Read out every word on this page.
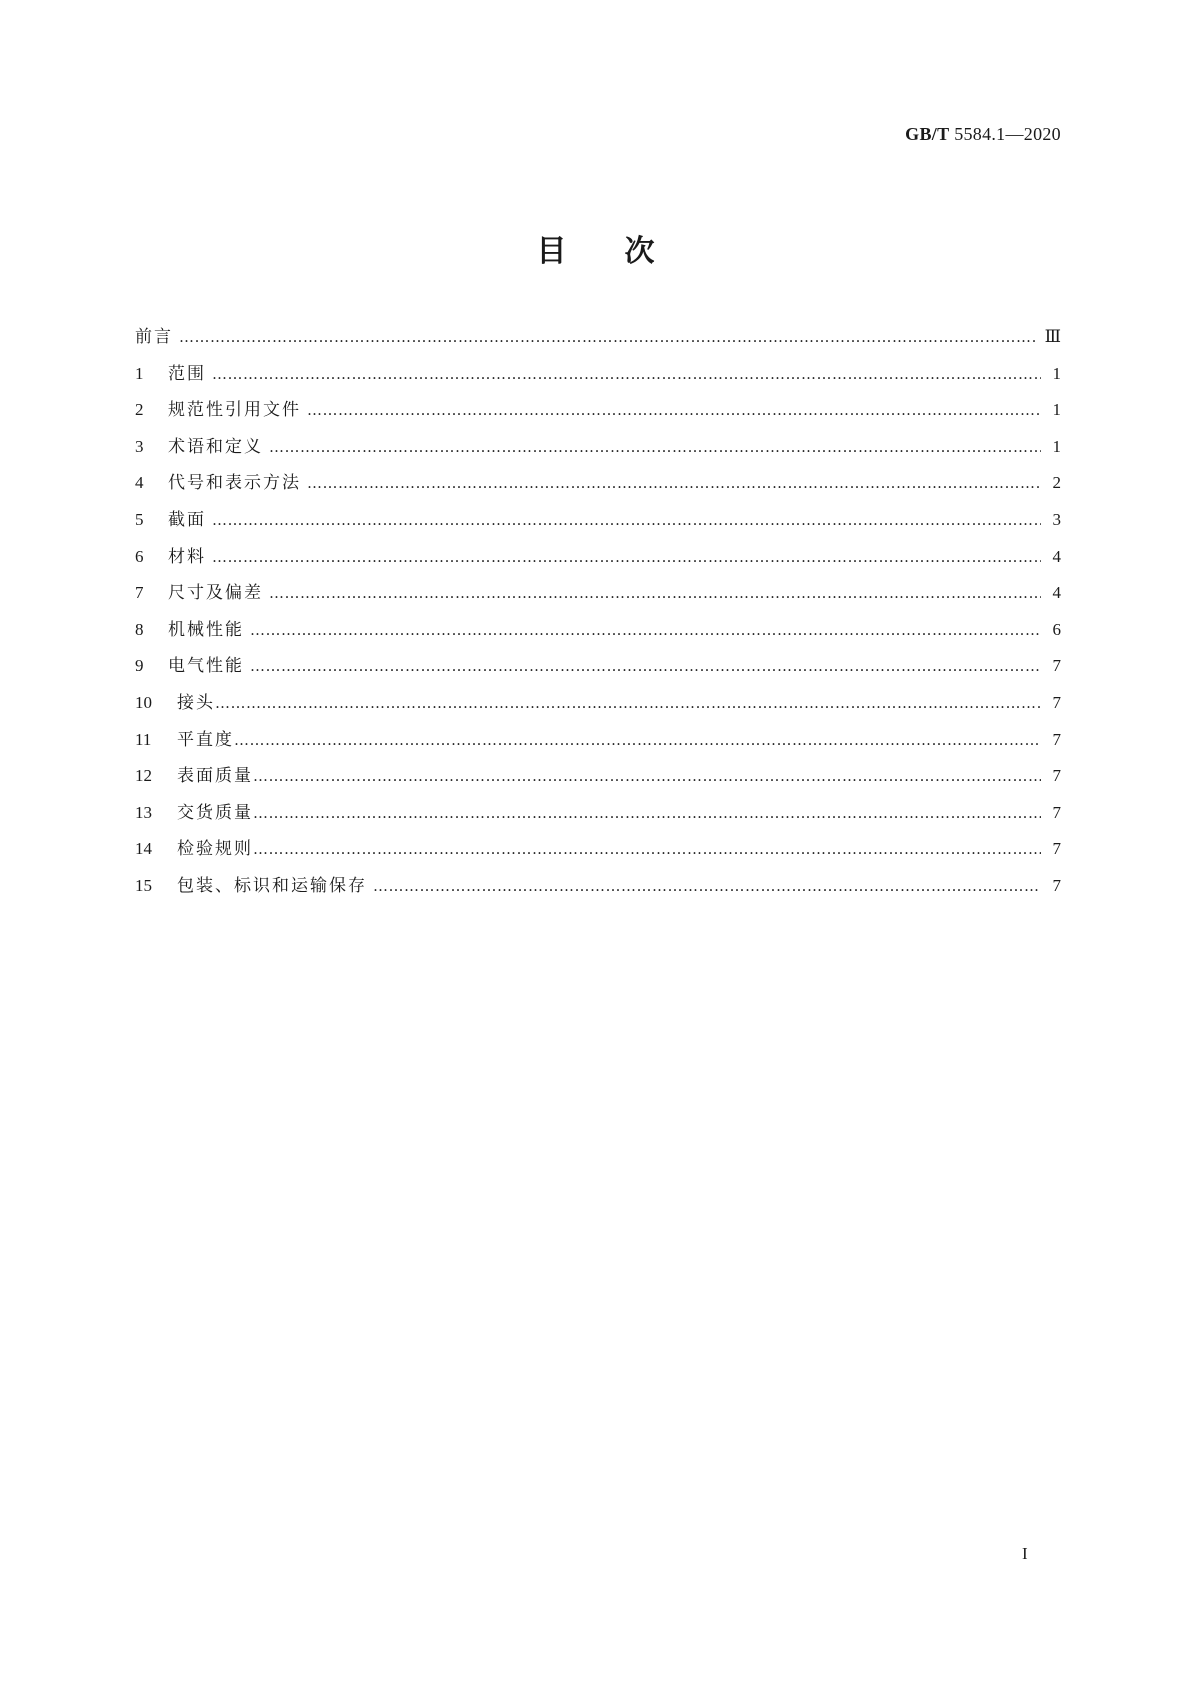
GB/T 5584.1—2020
目次
前言 …………………………………………………………………………………………………………………………………………………………………………………………………………………………………	Ⅲ
1	范围 …………………………………………………………………………………………………………………………………………………………………………………………………………………………………	1
2	规范性引用文件 …………………………………………………………………………………………………………………………………………………………………………………………………………………………………	1
3	术语和定义 …………………………………………………………………………………………………………………………………………………………………………………………………………………………………	1
4	代号和表示方法 …………………………………………………………………………………………………………………………………………………………………………………………………………………………………	2
5	截面 …………………………………………………………………………………………………………………………………………………………………………………………………………………………………	3
6	材料 …………………………………………………………………………………………………………………………………………………………………………………………………………………………………	4
7	尺寸及偏差 …………………………………………………………………………………………………………………………………………………………………………………………………………………………………	4
8	机械性能 …………………………………………………………………………………………………………………………………………………………………………………………………………………………………	6
9	电气性能 …………………………………………………………………………………………………………………………………………………………………………………………………………………………………	7
10	接头 …………………………………………………………………………………………………………………………………………………………………………………………………………………………………	7
11	平直度 …………………………………………………………………………………………………………………………………………………………………………………………………………………………………	7
12	表面质量 …………………………………………………………………………………………………………………………………………………………………………………………………………………………………	7
13	交货质量 …………………………………………………………………………………………………………………………………………………………………………………………………………………………………	7
14	检验规则 …………………………………………………………………………………………………………………………………………………………………………………………………………………………………	7
15	包装、标识和运输保存 …………………………………………………………………………………………………………………………………………………………………………………………………………………………………	7
I
